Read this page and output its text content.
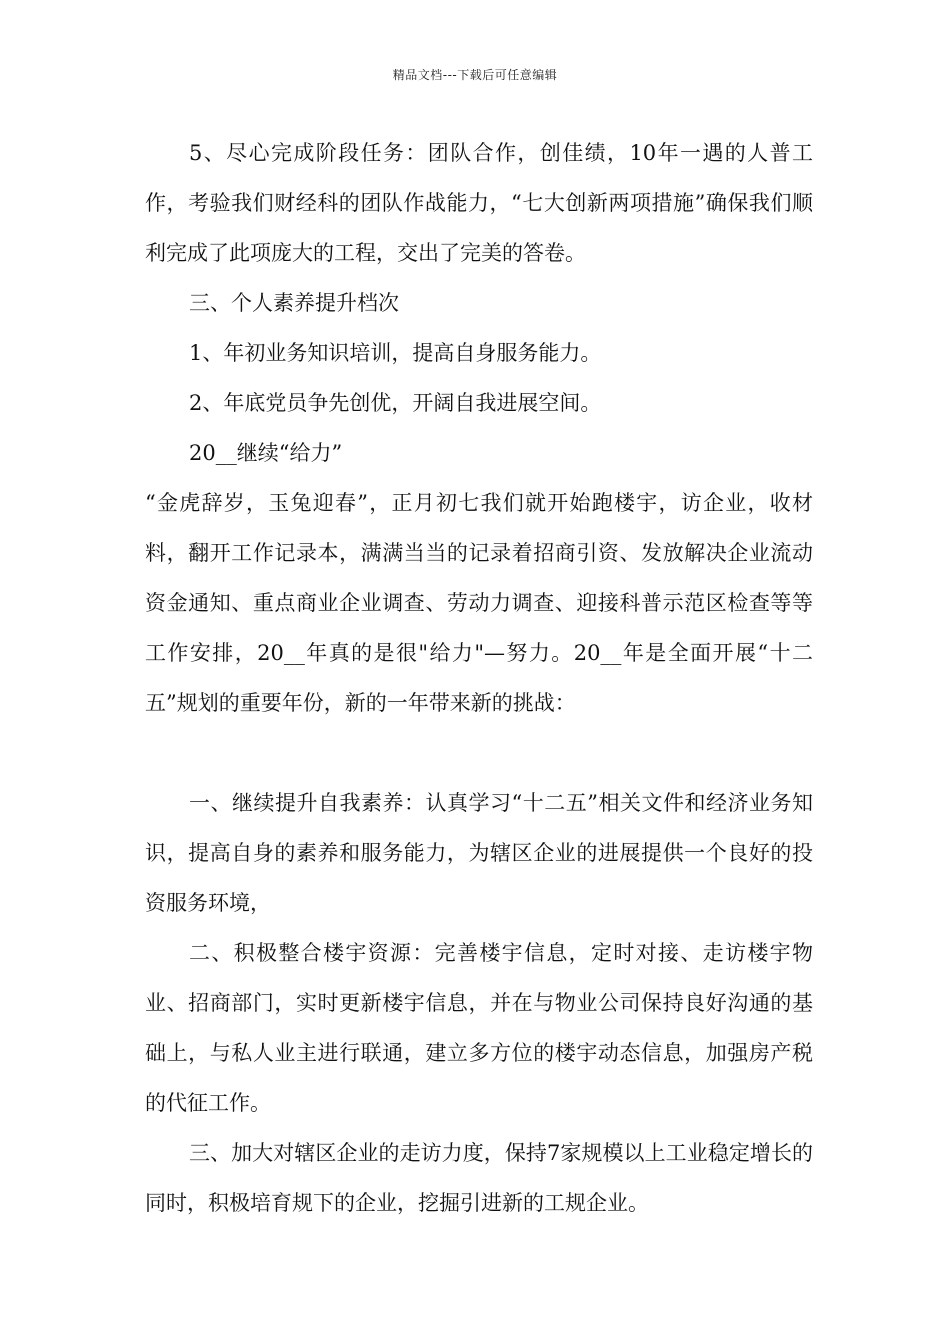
精品文档---下载后可任意编辑

5、尽心完成阶段任务：团队合作，创佳绩，10年一遇的人普工作，考验我们财经科的团队作战能力，“七大创新两项措施”确保我们顺利完成了此项庞大的工程，交出了完美的答卷。

三、个人素养提升档次

1、年初业务知识培训，提高自身服务能力。

2、年底党员争先创优，开阔自我进展空间。

20__继续“给力”

“金虎辞岁，玉兔迎春”，正月初七我们就开始跑楼宇，访企业，收材料，翻开工作记录本，满满当当的记录着招商引资、发放解决企业流动资金通知、重点商业企业调查、劳动力调查、迎接科普示范区检查等等工作安排，20__年真的是很"给力"—努力。20__年是全面开展“十二五”规划的重要年份，新的一年带来新的挑战：

一、继续提升自我素养：认真学习“十二五”相关文件和经济业务知识，提高自身的素养和服务能力，为辖区企业的进展提供一个良好的投资服务环境，

二、积极整合楼宇资源：完善楼宇信息，定时对接、走访楼宇物业、招商部门，实时更新楼宇信息，并在与物业公司保持良好沟通的基础上，与私人业主进行联通，建立多方位的楼宇动态信息，加强房产税的代征工作。

三、加大对辖区企业的走访力度，保持7家规模以上工业稳定增长的同时，积极培育规下的企业，挖掘引进新的工规企业。
